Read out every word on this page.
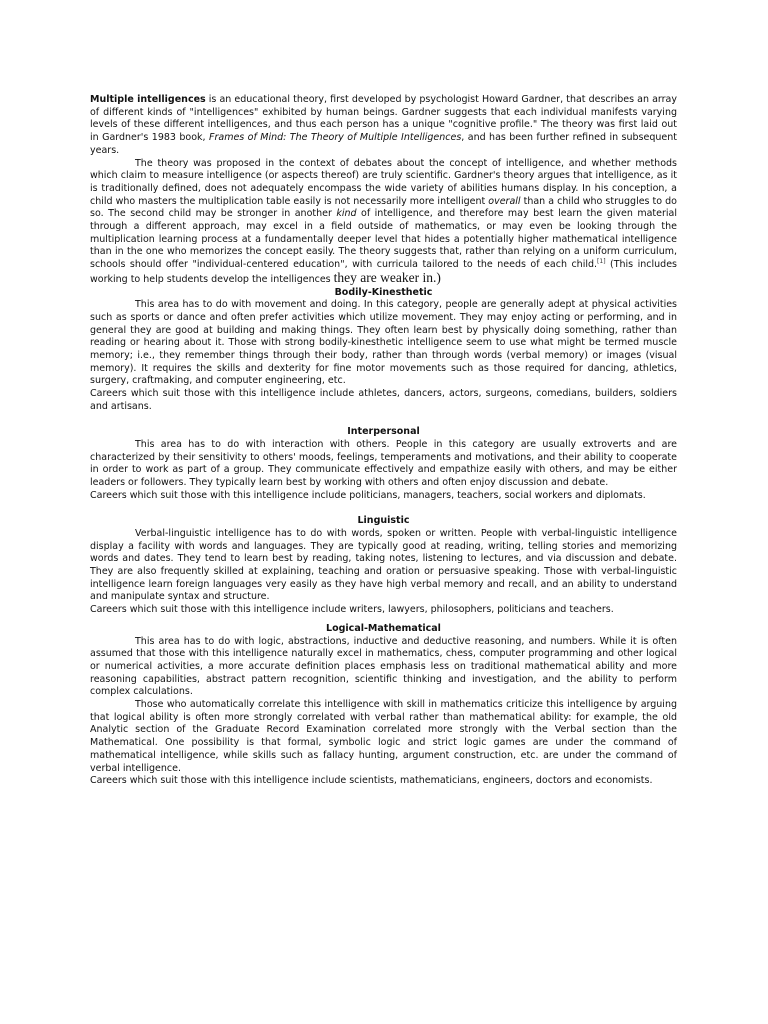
Multiple intelligences is an educational theory, first developed by psychologist Howard Gardner, that describes an array of different kinds of "intelligences" exhibited by human beings. Gardner suggests that each individual manifests varying levels of these different intelligences, and thus each person has a unique "cognitive profile." The theory was first laid out in Gardner's 1983 book, Frames of Mind: The Theory of Multiple Intelligences, and has been further refined in subsequent years.

The theory was proposed in the context of debates about the concept of intelligence, and whether methods which claim to measure intelligence (or aspects thereof) are truly scientific. Gardner's theory argues that intelligence, as it is traditionally defined, does not adequately encompass the wide variety of abilities humans display. In his conception, a child who masters the multiplication table easily is not necessarily more intelligent overall than a child who struggles to do so. The second child may be stronger in another kind of intelligence, and therefore may best learn the given material through a different approach, may excel in a field outside of mathematics, or may even be looking through the multiplication learning process at a fundamentally deeper level that hides a potentially higher mathematical intelligence than in the one who memorizes the concept easily. The theory suggests that, rather than relying on a uniform curriculum, schools should offer "individual-centered education", with curricula tailored to the needs of each child.[1] (This includes working to help students develop the intelligences they are weaker in.)

Bodily-Kinesthetic

This area has to do with movement and doing. In this category, people are generally adept at physical activities such as sports or dance and often prefer activities which utilize movement. They may enjoy acting or performing, and in general they are good at building and making things. They often learn best by physically doing something, rather than reading or hearing about it. Those with strong bodily-kinesthetic intelligence seem to use what might be termed muscle memory; i.e., they remember things through their body, rather than through words (verbal memory) or images (visual memory). It requires the skills and dexterity for fine motor movements such as those required for dancing, athletics, surgery, craftmaking, and computer engineering, etc.

Careers which suit those with this intelligence include athletes, dancers, actors, surgeons, comedians, builders, soldiers and artisans.

Interpersonal

This area has to do with interaction with others. People in this category are usually extroverts and are characterized by their sensitivity to others' moods, feelings, temperaments and motivations, and their ability to cooperate in order to work as part of a group. They communicate effectively and empathize easily with others, and may be either leaders or followers. They typically learn best by working with others and often enjoy discussion and debate.

Careers which suit those with this intelligence include politicians, managers, teachers, social workers and diplomats.

Linguistic

Verbal-linguistic intelligence has to do with words, spoken or written. People with verbal-linguistic intelligence display a facility with words and languages. They are typically good at reading, writing, telling stories and memorizing words and dates. They tend to learn best by reading, taking notes, listening to lectures, and via discussion and debate. They are also frequently skilled at explaining, teaching and oration or persuasive speaking. Those with verbal-linguistic intelligence learn foreign languages very easily as they have high verbal memory and recall, and an ability to understand and manipulate syntax and structure.

Careers which suit those with this intelligence include writers, lawyers, philosophers, politicians and teachers.

Logical-Mathematical

This area has to do with logic, abstractions, inductive and deductive reasoning, and numbers. While it is often assumed that those with this intelligence naturally excel in mathematics, chess, computer programming and other logical or numerical activities, a more accurate definition places emphasis less on traditional mathematical ability and more reasoning capabilities, abstract pattern recognition, scientific thinking and investigation, and the ability to perform complex calculations.

Those who automatically correlate this intelligence with skill in mathematics criticize this intelligence by arguing that logical ability is often more strongly correlated with verbal rather than mathematical ability: for example, the old Analytic section of the Graduate Record Examination correlated more strongly with the Verbal section than the Mathematical. One possibility is that formal, symbolic logic and strict logic games are under the command of mathematical intelligence, while skills such as fallacy hunting, argument construction, etc. are under the command of verbal intelligence.

Careers which suit those with this intelligence include scientists, mathematicians, engineers, doctors and economists.
